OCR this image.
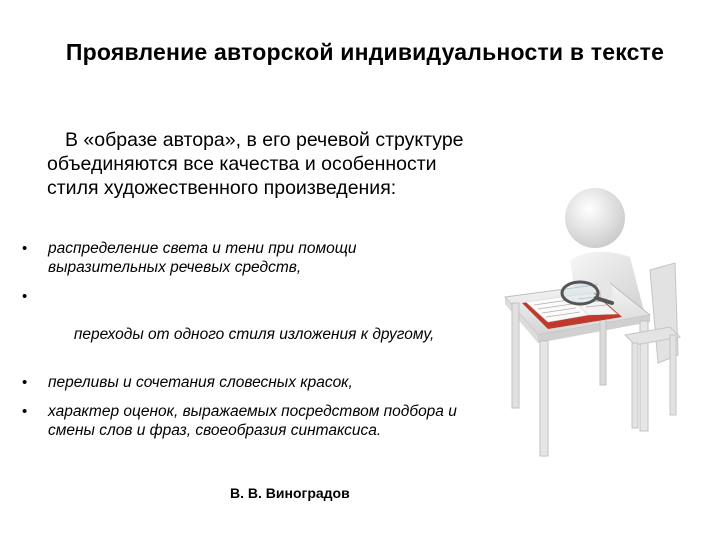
Проявление авторской индивидуальности в тексте
В «образе автора», в его речевой структуре объединяются все качества и особенности стиля художественного произведения:
• распределение света и тени при помощи выразительных речевых средств,

•

переходы от одного стиля изложения к другому,

• переливы и сочетания словесных красок,
• характер оценок, выражаемых посредством подбора и смены слов и фраз, своеобразия синтаксиса.
В. В. Виноградов
